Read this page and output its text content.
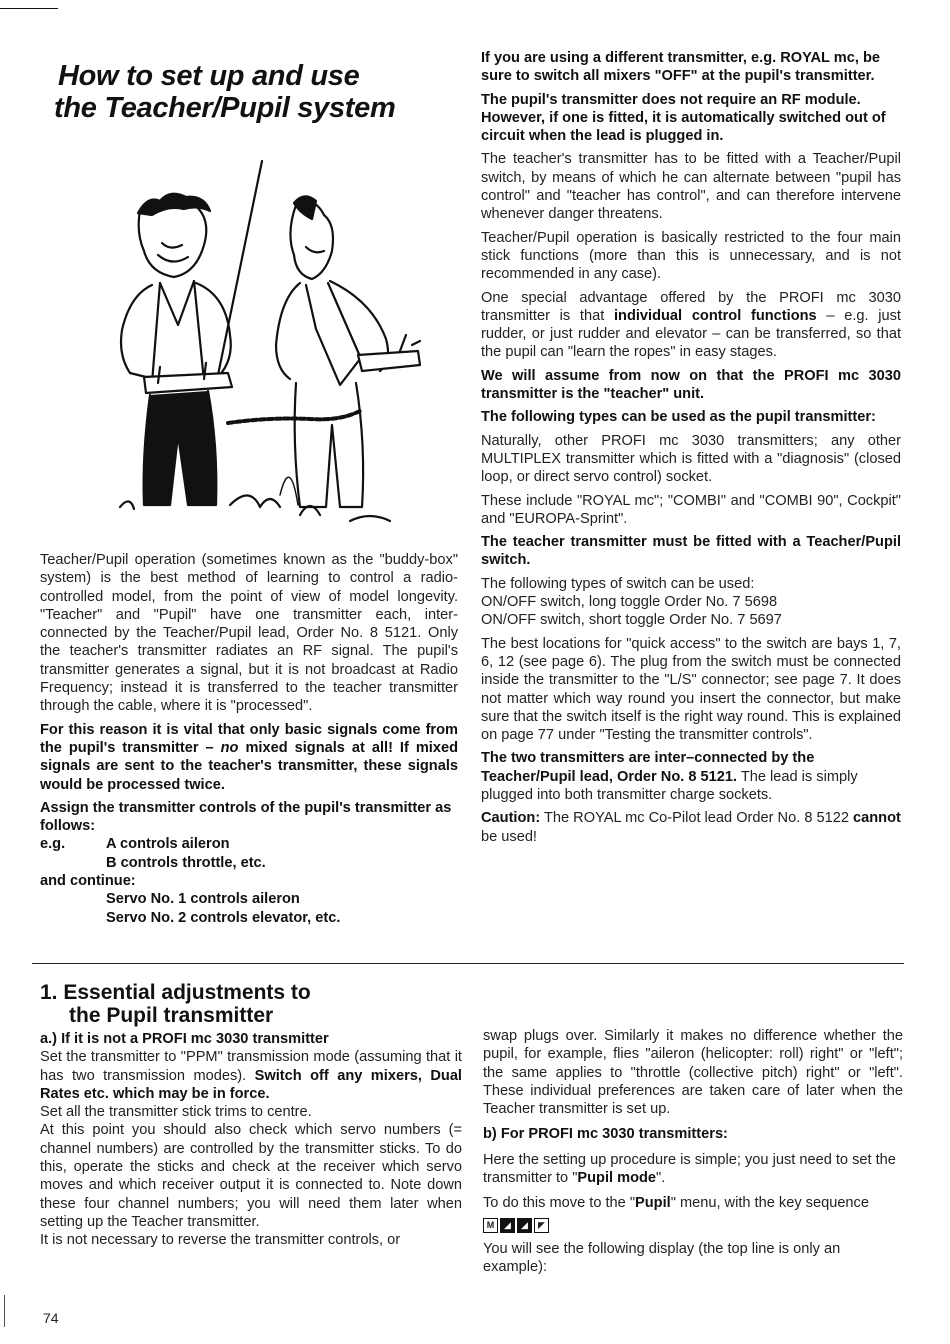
How to set up and use
the Teacher/Pupil system

Teacher/Pupil operation (sometimes known as the "buddy-box" system) is the best method of learning to control a radio-controlled model, from the point of view of model longevity. "Teacher" and "Pupil" have one transmitter each, inter-connected by the Teacher/Pupil lead, Order No. 8 5121. Only the teacher's transmitter radiates an RF signal. The pupil's transmitter generates a signal, but it is not broadcast at Radio Frequency; instead it is transferred to the teacher transmitter through the cable, where it is "processed".

For this reason it is vital that only basic signals come from the pupil's transmitter – no mixed signals at all! If mixed signals are sent to the teacher's transmitter, these signals would be processed twice.

Assign the transmitter controls of the pupil's transmitter as follows:

e.g.	A controls aileron
B controls throttle, etc.
and continue:
Servo No. 1 controls aileron
Servo No. 2 controls elevator, etc.

If you are using a different transmitter, e.g. ROYAL mc, be sure to switch all mixers "OFF" at the pupil's transmitter.

The pupil's transmitter does not require an RF module. However, if one is fitted, it is automatically switched out of circuit when the lead is plugged in.

The teacher's transmitter has to be fitted with a Teacher/Pupil switch, by means of which he can alternate between "pupil has control" and "teacher has control", and can therefore intervene whenever danger threatens.

Teacher/Pupil operation is basically restricted to the four main stick functions (more than this is unnecessary, and is not recommended in any case).

One special advantage offered by the PROFI mc 3030 transmitter is that individual control functions – e.g. just rudder, or just rudder and elevator – can be transferred, so that the pupil can "learn the ropes" in easy stages.

We will assume from now on that the PROFI mc 3030 transmitter is the "teacher" unit.

The following types can be used as the pupil transmitter:

Naturally, other PROFI mc 3030 transmitters; any other MULTIPLEX transmitter which is fitted with a "diagnosis" (closed loop, or direct servo control) socket.

These include "ROYAL mc"; "COMBI" and "COMBI 90", Cockpit" and "EUROPA-Sprint".

The teacher transmitter must be fitted with a Teacher/Pupil switch.

The following types of switch can be used:
ON/OFF switch, long toggle Order No. 7 5698
ON/OFF switch, short toggle Order No. 7 5697

The best locations for "quick access" to the switch are bays 1, 7, 6, 12 (see page 6). The plug from the switch must be connected inside the transmitter to the "L/S" connector; see page 7. It does not matter which way round you insert the connector, but make sure that the switch itself is the right way round. This is explained on page 77 under "Testing the transmitter controls".

The two transmitters are inter–connected by the Teacher/Pupil lead, Order No. 8 5121. The lead is simply plugged into both transmitter charge sockets.

Caution: The ROYAL mc Co-Pilot lead Order No. 8 5122 cannot be used!

1. Essential adjustments to
the Pupil transmitter
a.) If it is not a PROFI mc 3030 transmitter

Set the transmitter to "PPM" transmission mode (assuming that it has two transmission modes). Switch off any mixers, Dual Rates etc. which may be in force.

Set all the transmitter stick trims to centre.

At this point you should also check which servo numbers (= channel numbers) are controlled by the transmitter sticks. To do this, operate the sticks and check at the receiver which servo moves and which receiver output it is connected to. Note down these four channel numbers; you will need them later when setting up the Teacher transmitter.

It is not necessary to reverse the transmitter controls, or

swap plugs over. Similarly it makes no difference whether the pupil, for example, flies "aileron (helicopter: roll) right" or "left"; the same applies to "throttle (collective pitch) right" or "left". These individual preferences are taken care of later when the Teacher transmitter is set up.

b) For PROFI mc 3030 transmitters:

Here the setting up procedure is simple; you just need to set the transmitter to "Pupil mode".

To do this move to the "Pupil" menu, with the key sequence
M	◢	◢	◤

You will see the following display (the top line is only an example):

74
